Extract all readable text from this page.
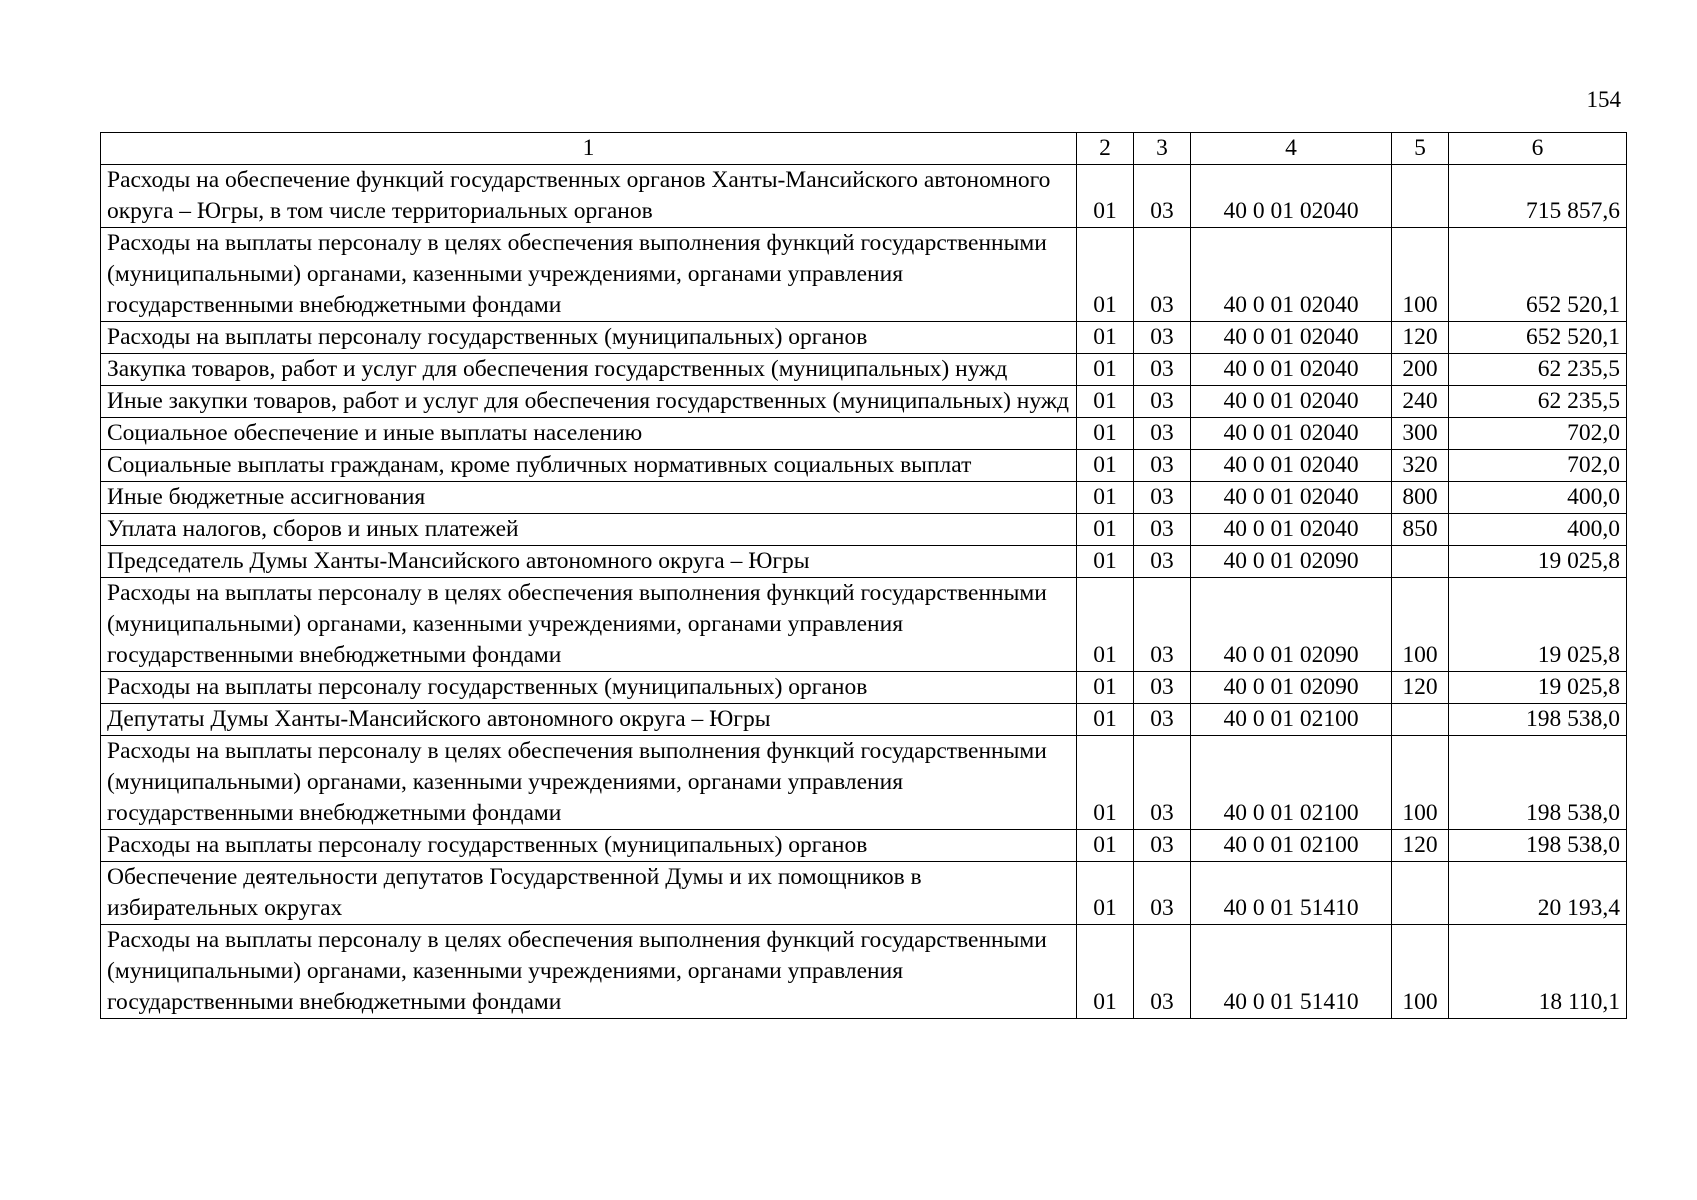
154
1	2	3	4	5	6
Расходы на обеспечение функций государственных органов Ханты-Мансийского автономного округа – Югры, в том числе территориальных органов	01	03	40 0 01 02040		715 857,6
Расходы на выплаты персоналу в целях обеспечения выполнения функций государственными (муниципальными) органами, казенными учреждениями, органами управления государственными внебюджетными фондами	01	03	40 0 01 02040	100	652 520,1
Расходы на выплаты персоналу государственных (муниципальных) органов	01	03	40 0 01 02040	120	652 520,1
Закупка товаров, работ и услуг для обеспечения государственных (муниципальных) нужд	01	03	40 0 01 02040	200	62 235,5
Иные закупки товаров, работ и услуг для обеспечения государственных (муниципальных) нужд	01	03	40 0 01 02040	240	62 235,5
Социальное обеспечение и иные выплаты населению	01	03	40 0 01 02040	300	702,0
Социальные выплаты гражданам, кроме публичных нормативных социальных выплат	01	03	40 0 01 02040	320	702,0
Иные бюджетные ассигнования	01	03	40 0 01 02040	800	400,0
Уплата налогов, сборов и иных платежей	01	03	40 0 01 02040	850	400,0
Председатель Думы Ханты-Мансийского автономного округа – Югры	01	03	40 0 01 02090		19 025,8
Расходы на выплаты персоналу в целях обеспечения выполнения функций государственными (муниципальными) органами, казенными учреждениями, органами управления государственными внебюджетными фондами	01	03	40 0 01 02090	100	19 025,8
Расходы на выплаты персоналу государственных (муниципальных) органов	01	03	40 0 01 02090	120	19 025,8
Депутаты Думы Ханты-Мансийского автономного округа – Югры	01	03	40 0 01 02100		198 538,0
Расходы на выплаты персоналу в целях обеспечения выполнения функций государственными (муниципальными) органами, казенными учреждениями, органами управления государственными внебюджетными фондами	01	03	40 0 01 02100	100	198 538,0
Расходы на выплаты персоналу государственных (муниципальных) органов	01	03	40 0 01 02100	120	198 538,0
Обеспечение деятельности депутатов Государственной Думы и их помощников в избирательных округах	01	03	40 0 01 51410		20 193,4
Расходы на выплаты персоналу в целях обеспечения выполнения функций государственными (муниципальными) органами, казенными учреждениями, органами управления государственными внебюджетными фондами	01	03	40 0 01 51410	100	18 110,1
